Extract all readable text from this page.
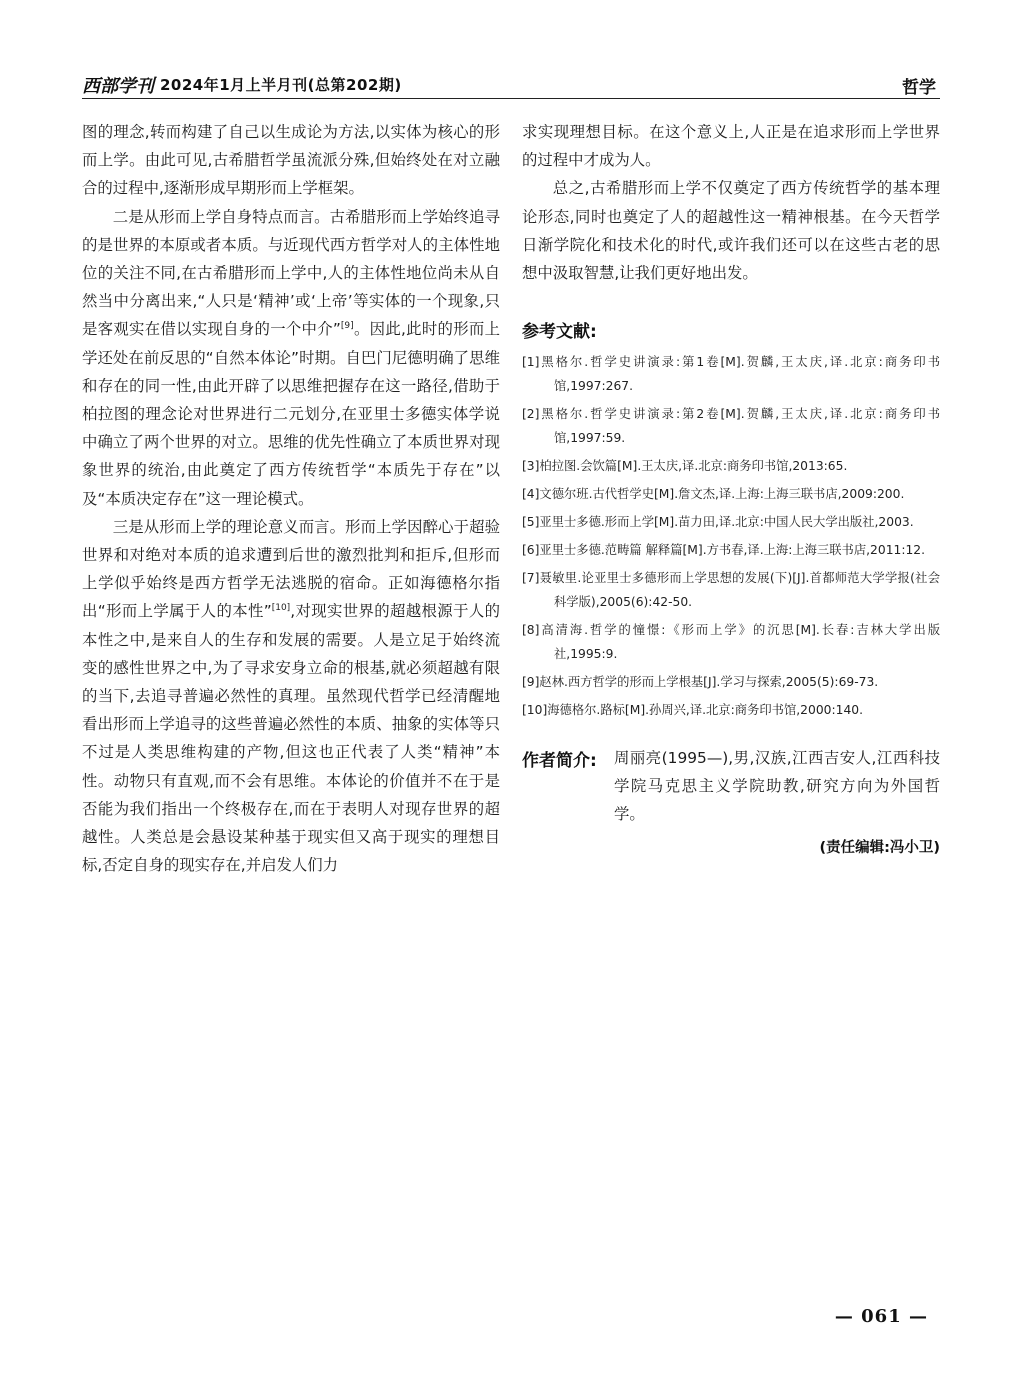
西部学刊 2024年1月上半月刊(总第202期)	哲学

图的理念,转而构建了自己以生成论为方法,以实体为核心的形而上学。由此可见,古希腊哲学虽流派分殊,但始终处在对立融合的过程中,逐渐形成早期形而上学框架。

二是从形而上学自身特点而言。古希腊形而上学始终追寻的是世界的本原或者本质。与近现代西方哲学对人的主体性地位的关注不同,在古希腊形而上学中,人的主体性地位尚未从自然当中分离出来,“人只是‘精神’或‘上帝’等实体的一个现象,只是客观实在借以实现自身的一个中介”[9]。因此,此时的形而上学还处在前反思的“自然本体论”时期。自巴门尼德明确了思维和存在的同一性,由此开辟了以思维把握存在这一路径,借助于柏拉图的理念论对世界进行二元划分,在亚里士多德实体学说中确立了两个世界的对立。思维的优先性确立了本质世界对现象世界的统治,由此奠定了西方传统哲学“本质先于存在”以及“本质决定存在”这一理论模式。

三是从形而上学的理论意义而言。形而上学因醉心于超验世界和对绝对本质的追求遭到后世的激烈批判和拒斥,但形而上学似乎始终是西方哲学无法逃脱的宿命。正如海德格尔指出“形而上学属于人的本性”[10],对现实世界的超越根源于人的本性之中,是来自人的生存和发展的需要。人是立足于始终流变的感性世界之中,为了寻求安身立命的根基,就必须超越有限的当下,去追寻普遍必然性的真理。虽然现代哲学已经清醒地看出形而上学追寻的这些普遍必然性的本质、抽象的实体等只不过是人类思维构建的产物,但这也正代表了人类“精神”本性。动物只有直观,而不会有思维。本体论的价值并不在于是否能为我们指出一个终极存在,而在于表明人对现存世界的超越性。人类总是会悬设某种基于现实但又高于现实的理想目标,否定自身的现实存在,并启发人们力

求实现理想目标。在这个意义上,人正是在追求形而上学世界的过程中才成为人。

总之,古希腊形而上学不仅奠定了西方传统哲学的基本理论形态,同时也奠定了人的超越性这一精神根基。在今天哲学日渐学院化和技术化的时代,或许我们还可以在这些古老的思想中汲取智慧,让我们更好地出发。

参考文献:
[1]黑格尔.哲学史讲演录:第1卷[M].贺麟,王太庆,译.北京:商务印书馆,1997:267.
[2]黑格尔.哲学史讲演录:第2卷[M].贺麟,王太庆,译.北京:商务印书馆,1997:59.
[3]柏拉图.会饮篇[M].王太庆,译.北京:商务印书馆,2013:65.
[4]文德尔班.古代哲学史[M].詹文杰,译.上海:上海三联书店,2009:200.
[5]亚里士多德.形而上学[M].苗力田,译.北京:中国人民大学出版社,2003.
[6]亚里士多德.范畴篇 解释篇[M].方书春,译.上海:上海三联书店,2011:12.
[7]聂敏里.论亚里士多德形而上学思想的发展(下)[J].首都师范大学学报(社会科学版),2005(6):42-50.
[8]高清海.哲学的憧憬:《形而上学》的沉思[M].长春:吉林大学出版社,1995:9.
[9]赵林.西方哲学的形而上学根基[J].学习与探索,2005(5):69-73.
[10]海德格尔.路标[M].孙周兴,译.北京:商务印书馆,2000:140.
作者简介: 周丽亮(1995—),男,汉族,江西吉安人,江西科技学院马克思主义学院助教,研究方向为外国哲学。
(责任编辑:冯小卫)
— 061 —
